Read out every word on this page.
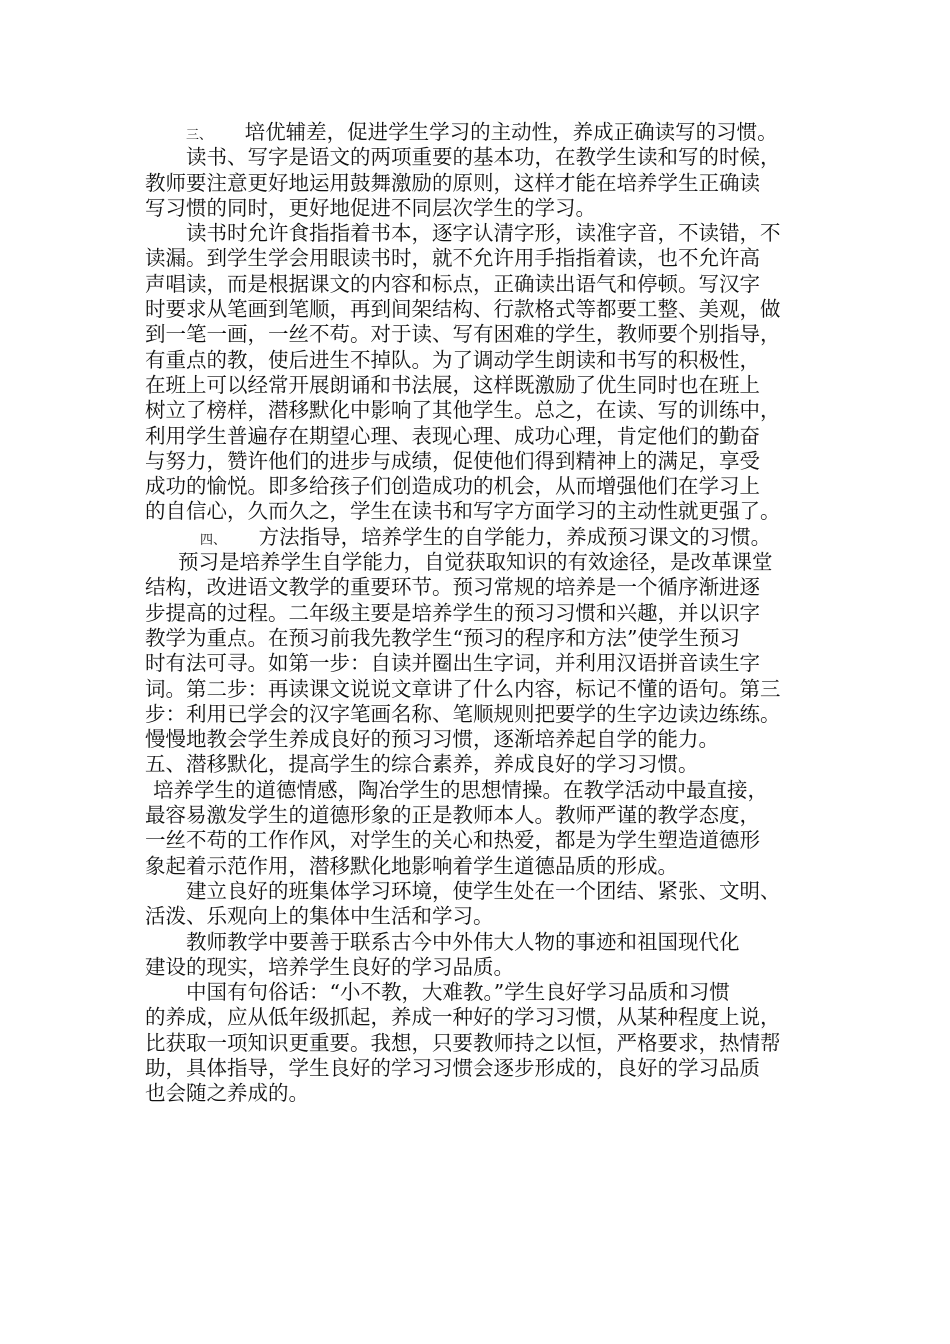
三、 培优辅差，促进学生学习的主动性，养成正确读写的习惯。
读书、写字是语文的两项重要的基本功，在教学生读和写的时候，
教师要注意更好地运用鼓舞激励的原则，这样才能在培养学生正确读
写习惯的同时，更好地促进不同层次学生的学习。
读书时允许食指指着书本，逐字认清字形，读准字音，不读错，不
读漏。到学生学会用眼读书时，就不允许用手指指着读，也不允许高
声唱读，而是根据课文的内容和标点，正确读出语气和停顿。写汉字
时要求从笔画到笔顺，再到间架结构、行款格式等都要工整、美观，做
到一笔一画，一丝不苟。对于读、写有困难的学生，教师要个别指导，
有重点的教，使后进生不掉队。为了调动学生朗读和书写的积极性，
在班上可以经常开展朗诵和书法展，这样既激励了优生同时也在班上
树立了榜样，潜移默化中影响了其他学生。总之，在读、写的训练中，
利用学生普遍存在期望心理、表现心理、成功心理，肯定他们的勤奋
与努力，赞许他们的进步与成绩，促使他们得到精神上的满足，享受
成功的愉悦。即多给孩子们创造成功的机会，从而增强他们在学习上
的自信心，久而久之，学生在读书和写字方面学习的主动性就更强了。
四、 方法指导，培养学生的自学能力，养成预习课文的习惯。
预习是培养学生自学能力，自觉获取知识的有效途径，是改革课堂
结构，改进语文教学的重要环节。预习常规的培养是一个循序渐进逐
步提高的过程。二年级主要是培养学生的预习习惯和兴趣，并以识字
教学为重点。在预习前我先教学生“预习的程序和方法”使学生预习
时有法可寻。如第一步：自读并圈出生字词，并利用汉语拼音读生字
词。第二步：再读课文说说文章讲了什么内容，标记不懂的语句。第三
步：利用已学会的汉字笔画名称、笔顺规则把要学的生字边读边练练。
慢慢地教会学生养成良好的预习习惯，逐渐培养起自学的能力。
五、潜移默化，提高学生的综合素养，养成良好的学习习惯。
培养学生的道德情感，陶冶学生的思想情操。在教学活动中最直接，
最容易激发学生的道德形象的正是教师本人。教师严谨的教学态度，
一丝不苟的工作作风，对学生的关心和热爱，都是为学生塑造道德形
象起着示范作用，潜移默化地影响着学生道德品质的形成。
建立良好的班集体学习环境，使学生处在一个团结、紧张、文明、
活泼、乐观向上的集体中生活和学习。
教师教学中要善于联系古今中外伟大人物的事迹和祖国现代化
建设的现实，培养学生良好的学习品质。
中国有句俗话：“小不教，大难教。”学生良好学习品质和习惯
的养成，应从低年级抓起，养成一种好的学习习惯，从某种程度上说，
比获取一项知识更重要。我想，只要教师持之以恒，严格要求，热情帮
助，具体指导，学生良好的学习习惯会逐步形成的，良好的学习品质
也会随之养成的。
